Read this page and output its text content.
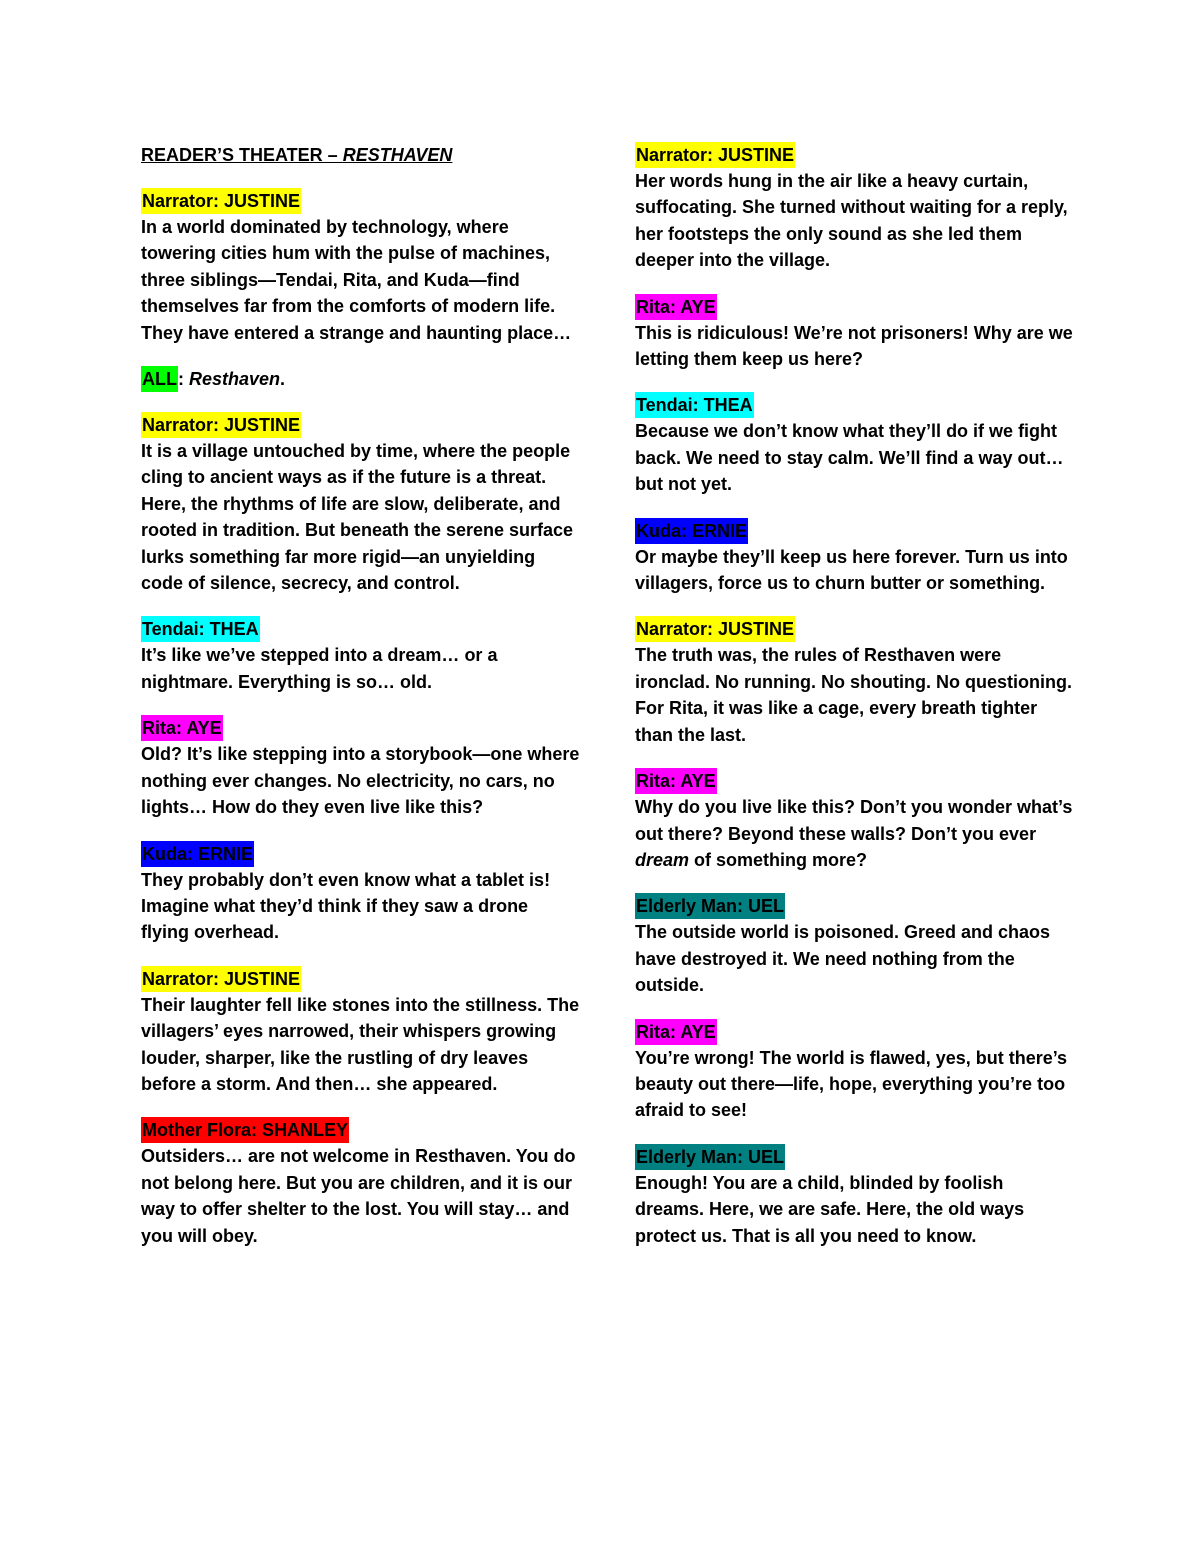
READER’S THEATER – RESTHAVEN
Narrator: JUSTINE
In a world dominated by technology, where towering cities hum with the pulse of machines, three siblings—Tendai, Rita, and Kuda—find themselves far from the comforts of modern life. They have entered a strange and haunting place…
ALL: Resthaven.
Narrator: JUSTINE
It is a village untouched by time, where the people cling to ancient ways as if the future is a threat. Here, the rhythms of life are slow, deliberate, and rooted in tradition. But beneath the serene surface lurks something far more rigid—an unyielding code of silence, secrecy, and control.
Tendai: THEA
It’s like we’ve stepped into a dream… or a nightmare. Everything is so… old.
Rita: AYE
Old? It’s like stepping into a storybook—one where nothing ever changes. No electricity, no cars, no lights… How do they even live like this?
Kuda: ERNIE
They probably don’t even know what a tablet is! Imagine what they’d think if they saw a drone flying overhead.
Narrator: JUSTINE
Their laughter fell like stones into the stillness. The villagers’ eyes narrowed, their whispers growing louder, sharper, like the rustling of dry leaves before a storm. And then… she appeared.
Mother Flora: SHANLEY
Outsiders… are not welcome in Resthaven. You do not belong here. But you are children, and it is our way to offer shelter to the lost. You will stay… and you will obey.
Narrator: JUSTINE
Her words hung in the air like a heavy curtain, suffocating. She turned without waiting for a reply, her footsteps the only sound as she led them deeper into the village.
Rita: AYE
This is ridiculous! We’re not prisoners! Why are we letting them keep us here?
Tendai: THEA
Because we don’t know what they’ll do if we fight back. We need to stay calm. We’ll find a way out… but not yet.
Kuda: ERNIE
Or maybe they’ll keep us here forever. Turn us into villagers, force us to churn butter or something.
Narrator: JUSTINE
The truth was, the rules of Resthaven were ironclad. No running. No shouting. No questioning. For Rita, it was like a cage, every breath tighter than the last.
Rita: AYE
Why do you live like this? Don’t you wonder what’s out there? Beyond these walls? Don’t you ever dream of something more?
Elderly Man: UEL
The outside world is poisoned. Greed and chaos have destroyed it. We need nothing from the outside.
Rita: AYE
You’re wrong! The world is flawed, yes, but there’s beauty out there—life, hope, everything you’re too afraid to see!
Elderly Man: UEL
Enough! You are a child, blinded by foolish dreams. Here, we are safe. Here, the old ways protect us. That is all you need to know.
